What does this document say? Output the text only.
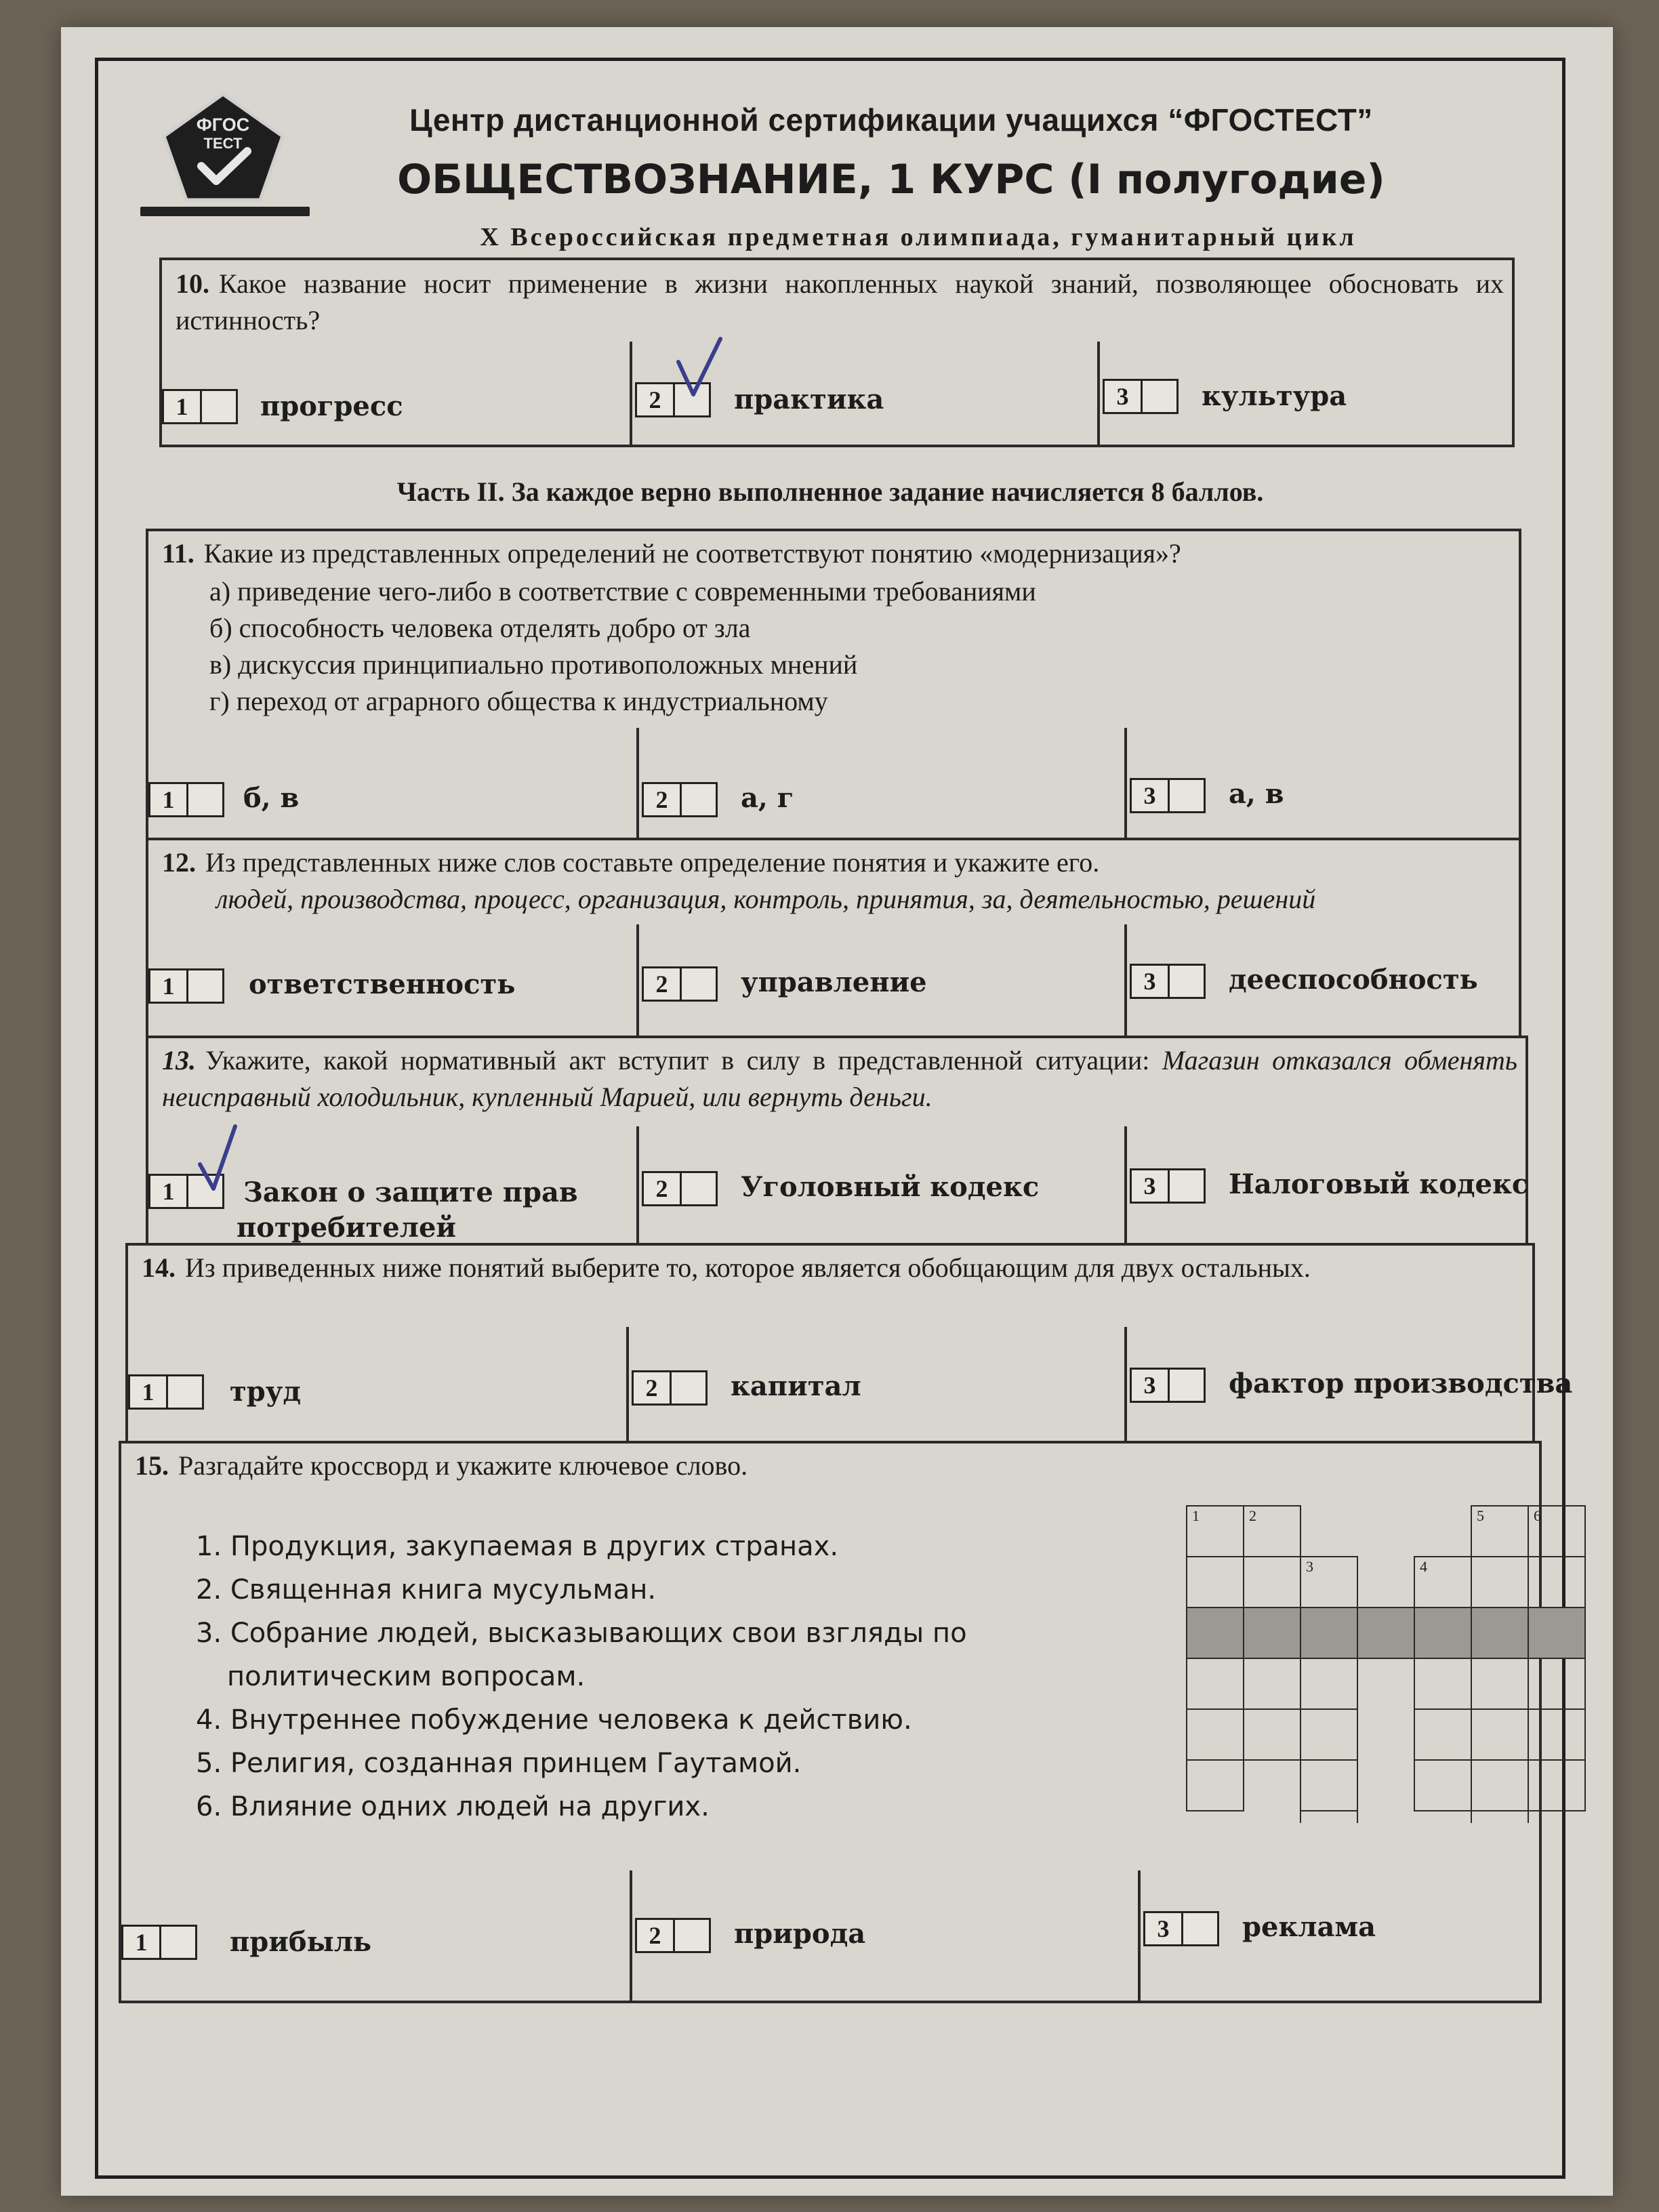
ФГОС
ТЕСТ
Центр дистанционной сертификации учащихся “ФГОСТЕСТ”
ОБЩЕСТВОЗНАНИЕ, 1 КУРС (I полугодие)
X Всероссийская предметная олимпиада, гуманитарный цикл
10. Какое название носит применение в жизни накопленных наукой знаний, позволяющее обосновать их истинность?
1	прогресс	2	практика	3	культура
Часть II. За каждое верно выполненное задание начисляется 8 баллов.
11. Какие из представленных определений не соответствуют понятию «модернизация»?
а) приведение чего-либо в соответствие с современными требованиями
б) способность человека отделять добро от зла
в) дискуссия принципиально противоположных мнений
г) переход от аграрного общества к индустриальному
1	б, в	2	а, г	3	а, в
12. Из представленных ниже слов составьте определение понятия и укажите его.
людей, производства, процесс, организация, контроль, принятия, за, деятельностью, решений
1	ответственность	2	управление	3	дееспособность
13. Укажите, какой нормативный акт вступит в силу в представленной ситуации: Магазин отказался обменять неисправный холодильник, купленный Марией, или вернуть деньги.
1	Закон о защите прав
потребителей
2	Уголовный кодекс	3	Налоговый кодекс
14. Из приведенных ниже понятий выберите то, которое является обобщающим для двух остальных.
1	труд	2	капитал	3	фактор производства
15. Разгадайте кроссворд и укажите ключевое слово.
1. Продукция, закупаемая в других странах.
2. Священная книга мусульман.
3. Собрание людей, высказывающих свои взгляды по
политическим вопросам.
4. Внутреннее побуждение человека к действию.
5. Религия, созданная принцем Гаутамой.
6. Влияние одних людей на других.
1	2
3	4
5	6
1	прибыль	2	природа	3	реклама
